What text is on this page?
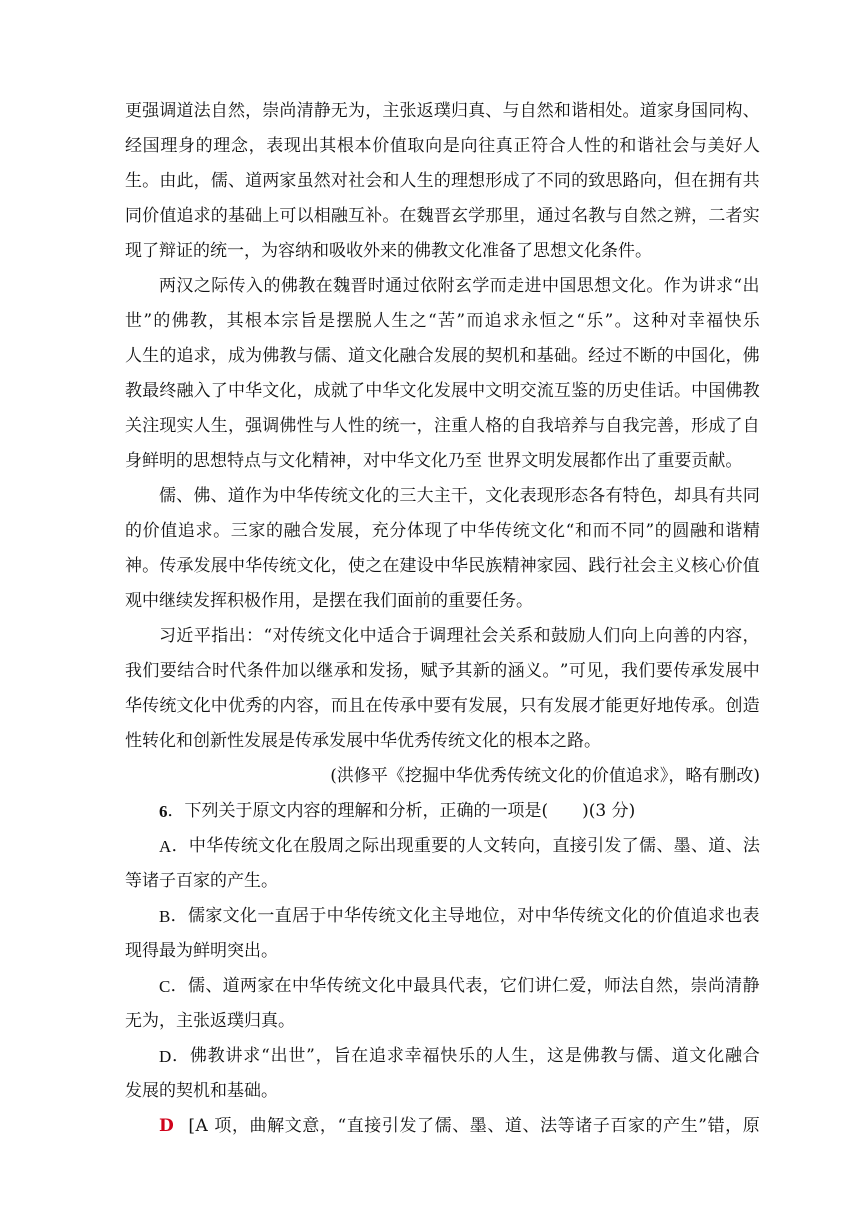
更 强 调 道 法 自 然 ， 崇 尚 清 静 无 为 ， 主 张 返 璞 归 真 、 与 自 然 和 谐 相 处 。 道 家 身 国 同 构 、
经 国 理 身 的 理 念 ， 表 现 出 其 根 本 价 值 取 向 是 向 往 真 正 符 合 人 性 的 和 谐 社 会 与 美 好 人
生 。 由 此 ， 儒 、 道 两 家 虽 然 对 社 会 和 人 生 的 理 想 形 成 了 不 同 的 致 思 路 向 ， 但 在 拥 有 共
同 价 值 追 求 的 基 础 上 可 以 相 融 互 补 。 在 魏 晋 玄 学 那 里 ， 通 过 名 教 与 自 然 之 辨 ， 二 者 实
现了辩证的统一，为容纳和吸收外来的佛教文化准备了思想文化条件。
两 汉 之 际 传 入 的 佛 教 在 魏 晋 时 通 过 依 附 玄 学 而 走 进 中 国 思 想 文 化 。 作 为 讲 求 “ 出
世 ” 的 佛 教 ， 其 根 本 宗 旨 是 摆 脱 人 生 之 “ 苦 ” 而 追 求 永 恒 之 “ 乐 ” 。 这 种 对 幸 福 快 乐
人 生 的 追 求 ， 成 为 佛 教 与 儒 、 道 文 化 融 合 发 展 的 契 机 和 基 础 。 经 过 不 断 的 中 国 化 ， 佛
教 最 终 融 入 了 中 华 文 化 ， 成 就 了 中 华 文 化 发 展 中 文 明 交 流 互 鉴 的 历 史 佳 话 。 中 国 佛 教
关 注 现 实 人 生 ， 强 调 佛 性 与 人 性 的 统 一 ， 注 重 人 格 的 自 我 培 养 与 自 我 完 善 ， 形 成 了 自
身鲜明的思想特点与文化精神，对中华文化乃至 世界文明发展都作出了重要贡献。
儒 、 佛 、 道 作 为 中 华 传 统 文 化 的 三 大 主 干 ， 文 化 表 现 形 态 各 有 特 色 ， 却 具 有 共 同
的 价 值 追 求 。 三 家 的 融 合 发 展 ， 充 分 体 现 了 中 华 传 统 文 化 “ 和 而 不 同 ” 的 圆 融 和 谐 精
神 。 传 承 发 展 中 华 传 统 文 化 ， 使 之 在 建 设 中 华 民 族 精 神 家 园 、 践 行 社 会 主 义 核 心 价 值
观中继续发挥积极作用，是摆在我们面前的重要任务。
习 近 平 指 出 ： “ 对 传 统 文 化 中 适 合 于 调 理 社 会 关 系 和 鼓 励 人 们 向 上 向 善 的 内 容 ，
我 们 要 结 合 时 代 条 件 加 以 继 承 和 发 扬 ， 赋 予 其 新 的 涵 义 。 ” 可 见 ， 我 们 要 传 承 发 展 中
华 传 统 文 化 中 优 秀 的 内 容 ， 而 且 在 传 承 中 要 有 发 展 ， 只 有 发 展 才 能 更 好 地 传 承 。 创 造
性转化和创新性发展是传承发展中华优秀传统文化的根本之路。
(洪修平《挖掘中华优秀传统文化的价值追求》，略有删改)
6 ．下列关于原文内容的理解和分析，正确的一项是(　　)(3 分)
A ． 中 华 传 统 文 化 在 殷 周 之 际 出 现 重 要 的 人 文 转 向 ， 直 接 引 发 了 儒 、 墨 、 道 、 法
等诸子百家的产生。
B ． 儒 家 文 化 一 直 居 于 中 华 传 统 文 化 主 导 地 位 ， 对 中 华 传 统 文 化 的 价 值 追 求 也 表
现得最为鲜明突出。
C ． 儒 、 道 两 家 在 中 华 传 统 文 化 中 最 具 代 表 ， 它 们 讲 仁 爱 ， 师 法 自 然 ， 崇 尚 清 静
无为，主张返璞归真。
D ． 佛 教 讲 求 “ 出 世 ” ， 旨 在 追 求 幸 福 快 乐 的 人 生 ， 这 是 佛 教 与 儒 、 道 文 化 融 合
发展的契机和基础。
D [ A
项 ， 曲 解 文 意 ， “ 直 接 引 发 了 儒 、 墨 、 道 、 法 等 诸 子 百 家 的 产 生 ” 错 ， 原
